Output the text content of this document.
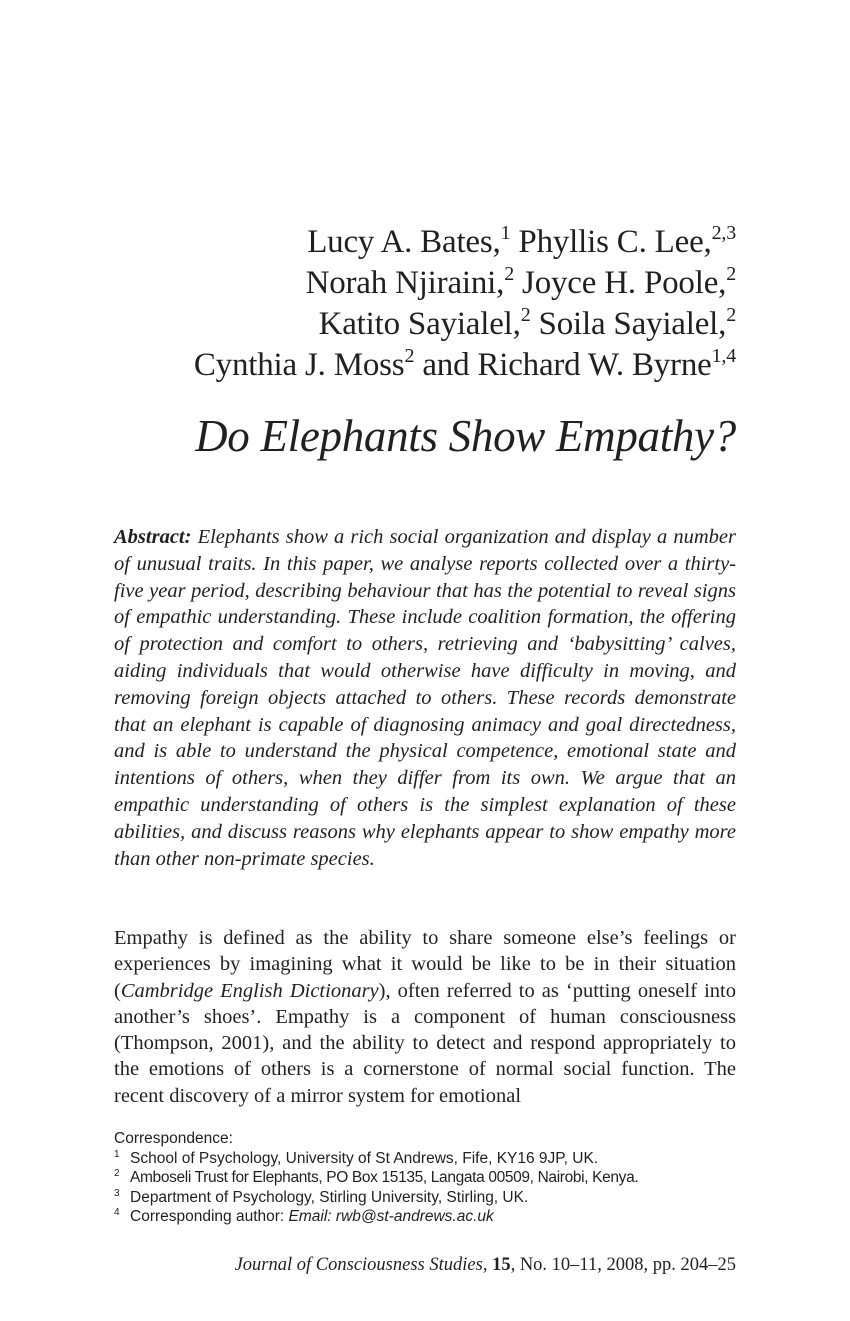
Lucy A. Bates,$^1$ Phyllis C. Lee,$^{2,3}$
Norah Njiraini,$^2$ Joyce H. Poole,$^2$
Katito Sayialel,$^2$ Soila Sayialel,$^2$
Cynthia J. Moss$^2$ and Richard W. Byrne$^{1,4}$
Do Elephants Show Empathy?
Abstract: Elephants show a rich social organization and display a number of unusual traits. In this paper, we analyse reports collected over a thirty-five year period, describing behaviour that has the potential to reveal signs of empathic understanding. These include coalition formation, the offering of protection and comfort to others, retrieving and ‘babysitting’ calves, aiding individuals that would otherwise have difficulty in moving, and removing foreign objects attached to others. These records demonstrate that an elephant is capable of diagnosing animacy and goal directedness, and is able to understand the physical competence, emotional state and intentions of others, when they differ from its own. We argue that an empathic understanding of others is the simplest explanation of these abilities, and discuss reasons why elephants appear to show empathy more than other non-primate species.
Empathy is defined as the ability to share someone else’s feelings or experiences by imagining what it would be like to be in their situation (Cambridge English Dictionary), often referred to as ‘putting oneself into another’s shoes’. Empathy is a component of human consciousness (Thompson, 2001), and the ability to detect and respond appropriately to the emotions of others is a cornerstone of normal social function. The recent discovery of a mirror system for emotional
Correspondence:
1 School of Psychology, University of St Andrews, Fife, KY16 9JP, UK.
2 Amboseli Trust for Elephants, PO Box 15135, Langata 00509, Nairobi, Kenya.
3 Department of Psychology, Stirling University, Stirling, UK.
4 Corresponding author: Email: rwb@st-andrews.ac.uk
Journal of Consciousness Studies, 15, No. 10–11, 2008, pp. 204–25
